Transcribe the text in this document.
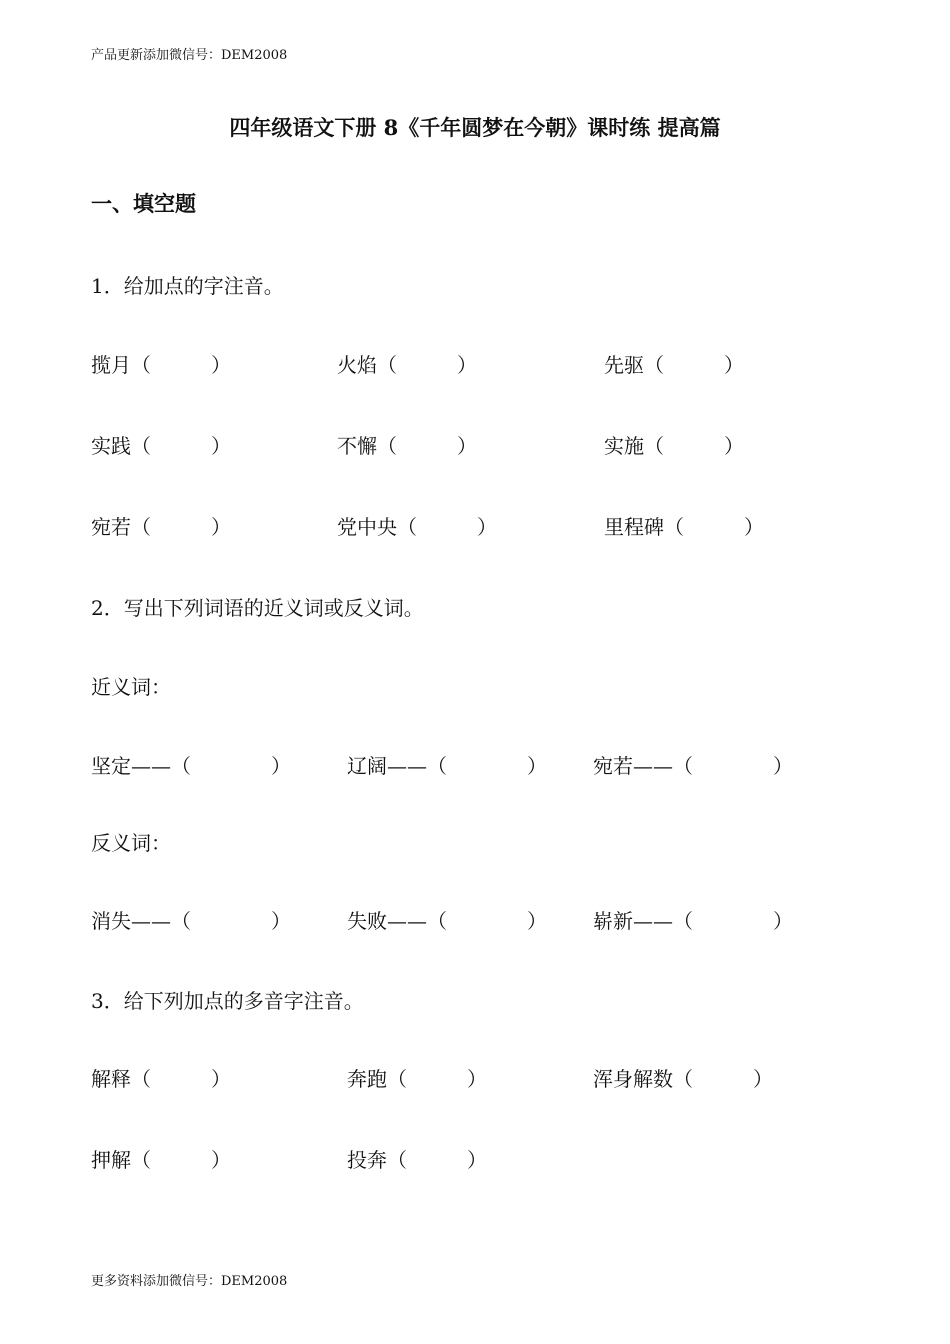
产品更新添加微信号：DEM2008
四年级语文下册 8《千年圆梦在今朝》课时练 提高篇
一、填空题
1．给加点的字注音。
揽月（　　　）	火焰（　　　）	先驱（　　　）
实践（　　　）	不懈（　　　）	实施（　　　）
宛若（　　　）	党中央（　　　）	里程碑（　　　）
2．写出下列词语的近义词或反义词。
近义词：
坚定——（　　　　）	辽阔——（　　　　） 宛若——（　　　　）
反义词：
消失——（　　　　）	失败——（　　　　） 崭新——（　　　　）
3．给下列加点的多音字注音。
解释（　　　）	奔跑（　　　）	浑身解数（　　　）
押解（　　　）	投奔（　　　）
更多资料添加微信号：DEM2008
